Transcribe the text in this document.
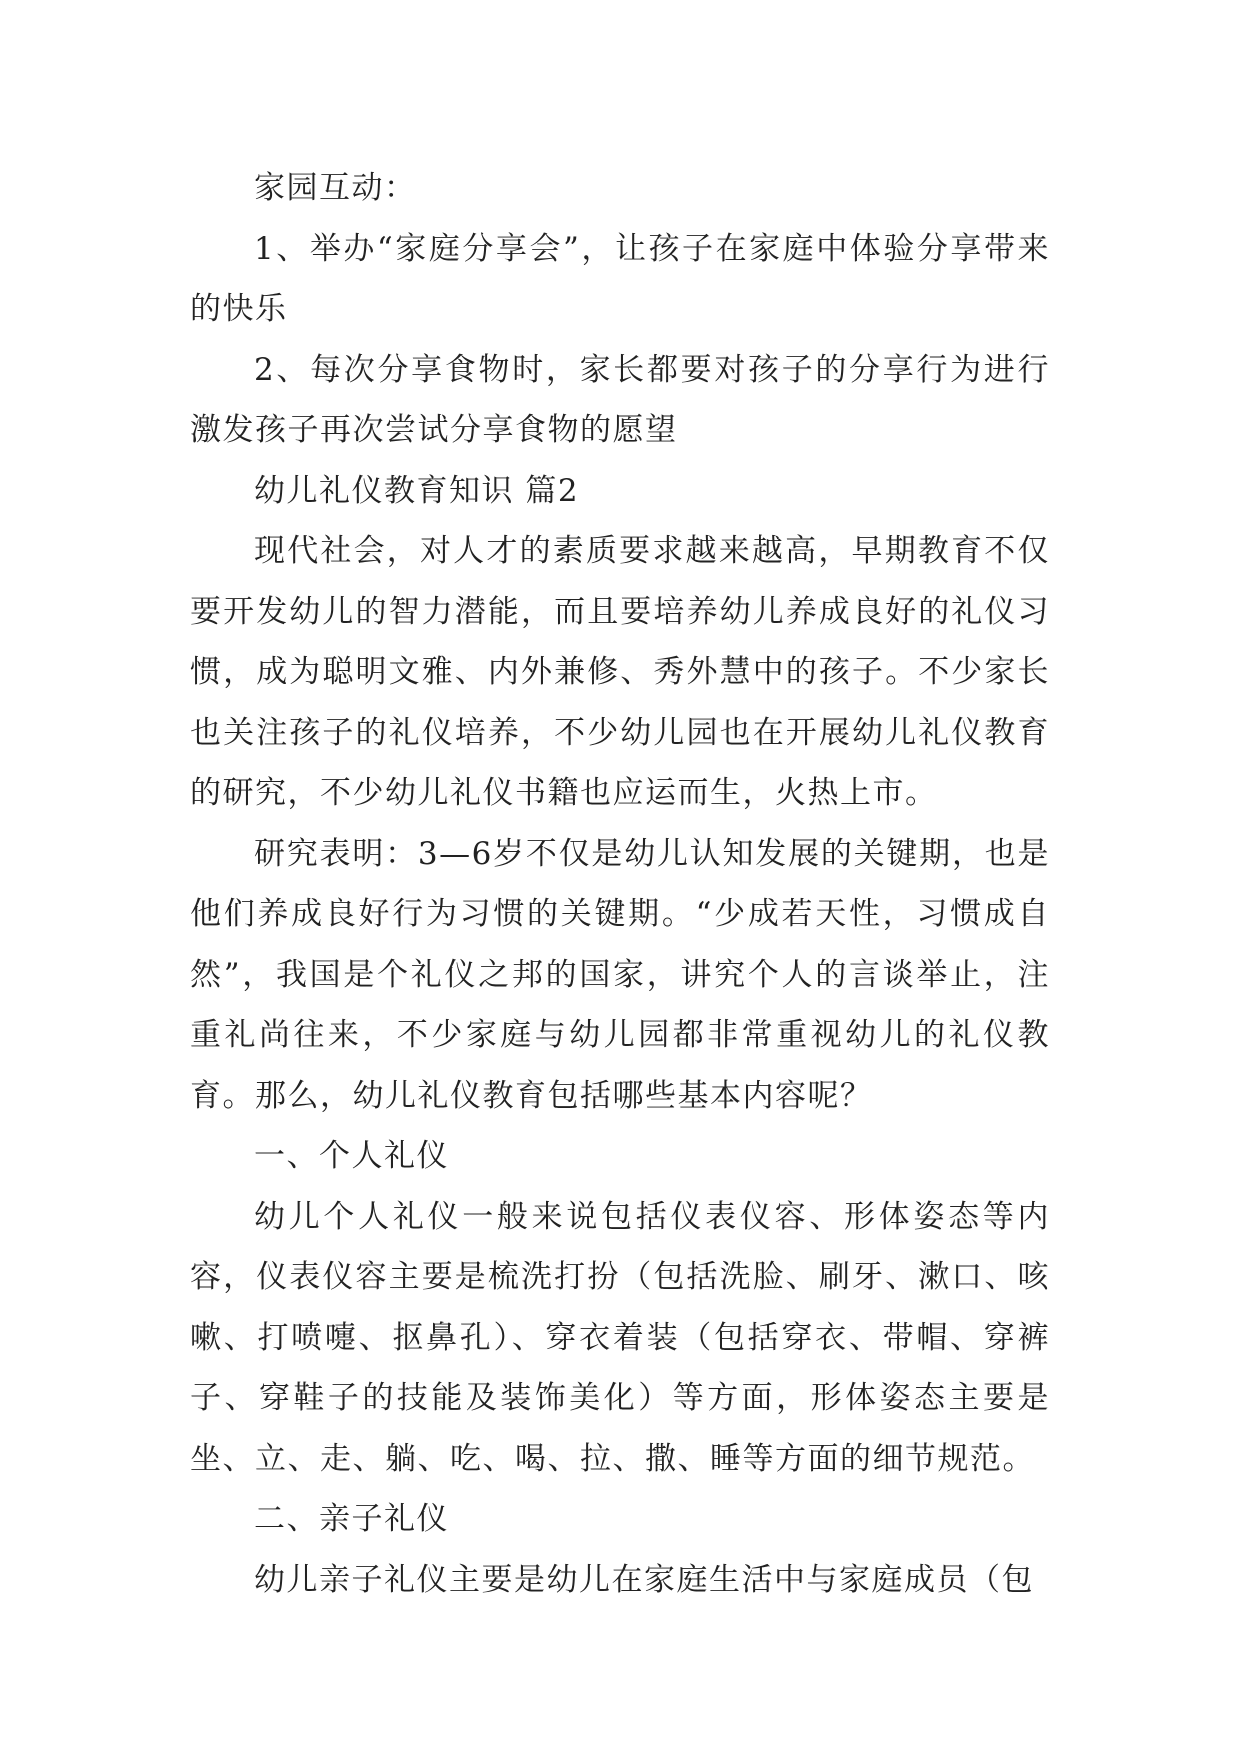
家园互动：

1、举办“家庭分享会”，让孩子在家庭中体验分享带来的快乐

2、每次分享食物时，家长都要对孩子的分享行为进行激发孩子再次尝试分享食物的愿望

幼儿礼仪教育知识 篇2

现代社会，对人才的素质要求越来越高，早期教育不仅要开发幼儿的智力潜能，而且要培养幼儿养成良好的礼仪习惯，成为聪明文雅、内外兼修、秀外慧中的孩子。不少家长也关注孩子的礼仪培养，不少幼儿园也在开展幼儿礼仪教育的研究，不少幼儿礼仪书籍也应运而生，火热上市。

研究表明：3—6岁不仅是幼儿认知发展的关键期，也是他们养成良好行为习惯的关键期。“少成若天性，习惯成自然”，我国是个礼仪之邦的国家，讲究个人的言谈举止，注重礼尚往来，不少家庭与幼儿园都非常重视幼儿的礼仪教育。那么，幼儿礼仪教育包括哪些基本内容呢？

一、个人礼仪

幼儿个人礼仪一般来说包括仪表仪容、形体姿态等内容，仪表仪容主要是梳洗打扮（包括洗脸、刷牙、漱口、咳嗽、打喷嚏、抠鼻孔）、穿衣着装（包括穿衣、带帽、穿裤子、穿鞋子的技能及装饰美化）等方面，形体姿态主要是坐、立、走、躺、吃、喝、拉、撒、睡等方面的细节规范。

二、亲子礼仪

幼儿亲子礼仪主要是幼儿在家庭生活中与家庭成员（包
